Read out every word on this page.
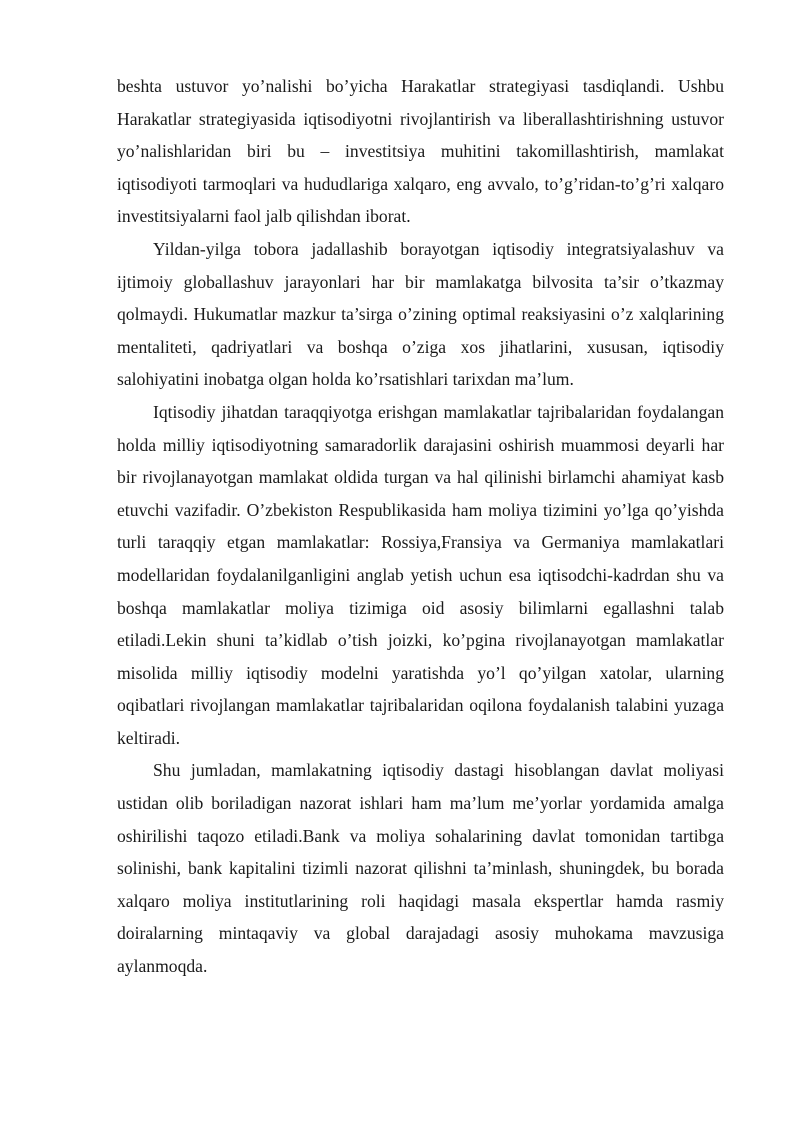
beshta ustuvor yo’nalishi bo’yicha Harakatlar strategiyasi tasdiqlandi. Ushbu Harakatlar strategiyasida iqtisodiyotni rivojlantirish va liberallashtirishning ustuvor yo’nalishlaridan biri bu – investitsiya muhitini takomillashtirish, mamlakat iqtisodiyoti tarmoqlari va hududlariga xalqaro, eng avvalo, to’g’ridan-to’g’ri xalqaro investitsiyalarni faol jalb qilishdan iborat.

Yildan-yilga tobora jadallashib borayotgan iqtisodiy integratsiyalashuv va ijtimoiy globallashuv jarayonlari har bir mamlakatga bilvosita ta’sir o’tkazmay qolmaydi. Hukumatlar mazkur ta’sirga o’zining optimal reaksiyasini o’z xalqlarining mentaliteti, qadriyatlari va boshqa o’ziga xos jihatlarini, xususan, iqtisodiy salohiyatini inobatga olgan holda ko’rsatishlari tarixdan ma’lum.

Iqtisodiy jihatdan taraqqiyotga erishgan mamlakatlar tajribalaridan foydalangan holda milliy iqtisodiyotning samaradorlik darajasini oshirish muammosi deyarli har bir rivojlanayotgan mamlakat oldida turgan va hal qilinishi birlamchi ahamiyat kasb etuvchi vazifadir. O’zbekiston Respublikasida ham moliya tizimini yo’lga qo’yishda turli taraqqiy etgan mamlakatlar: Rossiya,Fransiya va Germaniya mamlakatlari modellaridan foydalanilganligini anglab yetish uchun esa iqtisodchi-kadrdan shu va boshqa mamlakatlar moliya tizimiga oid asosiy bilimlarni egallashni talab etiladi.Lekin shuni ta’kidlab o’tish joizki, ko’pgina rivojlanayotgan mamlakatlar misolida milliy iqtisodiy modelni yaratishda yo’l qo’yilgan xatolar, ularning oqibatlari rivojlangan mamlakatlar tajribalaridan oqilona foydalanish talabini yuzaga keltiradi.

Shu jumladan, mamlakatning iqtisodiy dastagi hisoblangan davlat moliyasi ustidan olib boriladigan nazorat ishlari ham ma’lum me’yorlar yordamida amalga oshirilishi taqozo etiladi.Bank va moliya sohalarining davlat tomonidan tartibga solinishi, bank kapitalini tizimli nazorat qilishni ta’minlash, shuningdek, bu borada xalqaro moliya institutlarining roli haqidagi masala ekspertlar hamda rasmiy doiralarning mintaqaviy va global darajadagi asosiy muhokama mavzusiga aylanmoqda.
